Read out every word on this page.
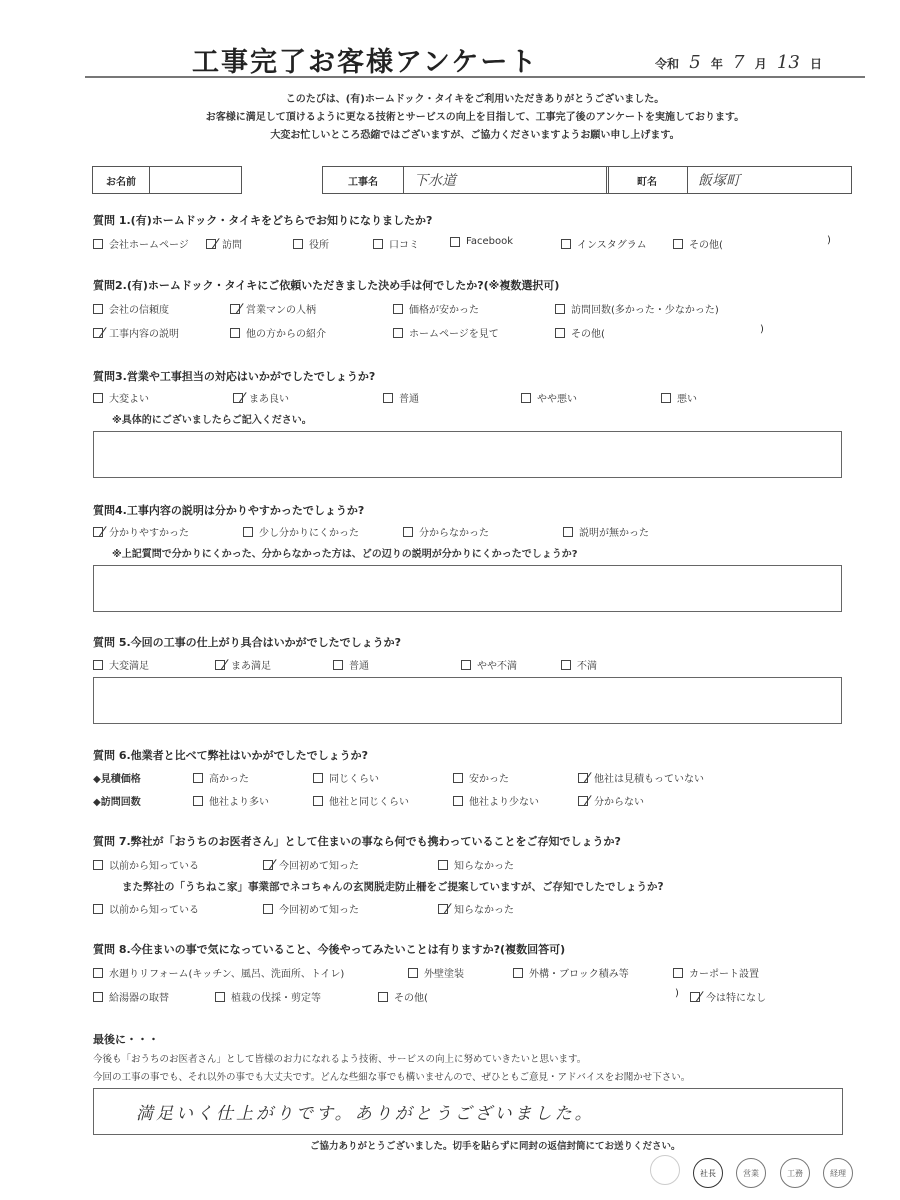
工事完了お客様アンケート	令和 5 年 7 月 13 日
このたびは、(有)ホームドック・タイキをご利用いただきありがとうございました。
お客様に満足して頂けるように更なる技術とサービスの向上を目指して、工事完了後のアンケートを実施しております。
大変お忙しいところ恐縮ではございますが、ご協力くださいますようお願い申し上げます。
お名前	工事名	下水道	町名	飯塚町
質問 1.(有)ホームドック・タイキをどちらでお知りになりましたか?
会社ホームページ	訪問	役所	口コミ	Facebook	インスタグラム	その他(	)
質問2.(有)ホームドック・タイキにご依頼いただきました決め手は何でしたか?(※複数選択可)
会社の信頼度	営業マンの人柄	価格が安かった	訪問回数(多かった・少なかった)
工事内容の説明	他の方からの紹介	ホームページを見て	その他(	)
質問3.営業や工事担当の対応はいかがでしたでしょうか?
大変よい	まあ良い	普通	やや悪い	悪い
※具体的にございましたらご記入ください。
質問4.工事内容の説明は分かりやすかったでしょうか?
分かりやすかった	少し分かりにくかった	分からなかった	説明が無かった
※上記質問で分かりにくかった、分からなかった方は、どの辺りの説明が分かりにくかったでしょうか?
質問 5.今回の工事の仕上がり具合はいかがでしたでしょうか?
大変満足	まあ満足	普通	やや不満	不満
質問 6.他業者と比べて弊社はいかがでしたでしょうか?
◆見積価格	高かった	同じくらい	安かった	他社は見積もっていない
◆訪問回数	他社より多い	他社と同じくらい	他社より少ない	分からない
質問 7.弊社が「おうちのお医者さん」として住まいの事なら何でも携わっていることをご存知でしょうか?
以前から知っている	今回初めて知った	知らなかった
また弊社の「うちねこ家」事業部でネコちゃんの玄関脱走防止柵をご提案していますが、ご存知でしたでしょうか?
以前から知っている	今回初めて知った	知らなかった
質問 8.今住まいの事で気になっていること、今後やってみたいことは有りますか?(複数回答可)
水廻りリフォーム(キッチン、風呂、洗面所、トイレ)	外壁塗装	外構・ブロック積み等	カーポート設置
給湯器の取替	植栽の伐採・剪定等	その他(	)	今は特になし
最後に・・・
今後も「おうちのお医者さん」として皆様のお力になれるよう技術、サービスの向上に努めていきたいと思います。
今回の工事の事でも、それ以外の事でも大丈夫です。どんな些細な事でも構いませんので、ぜひともご意見・アドバイスをお聞かせ下さい。
満足いく仕上がりです。ありがとうございました。
ご協力ありがとうございました。切手を貼らずに同封の返信封筒にてお送りください。
社長	営業	工務	経理
